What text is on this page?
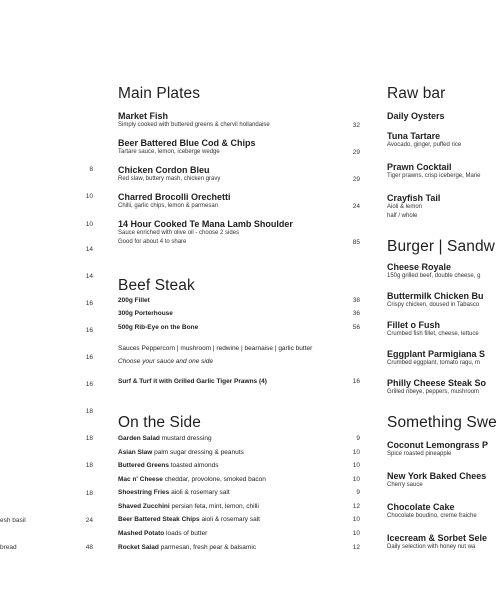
8
10
10
14
14
16
16
16
16
18
18
18
18
esh basil	24
bread	48
Main Plates
Market Fish
Simply cooked with buttered greens & chervil hollandaise	32
Beer Battered Blue Cod & Chips
Tartare sauce, lemon, iceberge wedge	29
Chicken Cordon Bleu
Red slaw, buttery mash, chicken gravy	29
Charred Brocolli Orechetti
Chilli, garlic chips, lemon & parmesan	24
14 Hour Cooked Te Mana Lamb Shoulder
Sauce enriched with olive oil - choose 2 sides
Good for about 4 to share	85
Beef Steak
200g Fillet	38
300g Porterhouse	36
500g Rib-Eye on the Bone	56
Sauces Peppercorn | mushroom | redwine | bearnaise | garlic butter
Choose your sauce and one side
Surf & Turf it with Grilled Garlic Tiger Prawns (4)	16
On the Side
Garden Salad mustard dressing	9
Asian Slaw palm sugar dressing & peanuts	10
Buttered Greens toasted almonds	10
Mac n' Cheese cheddar, provolone, smoked bacon	10
Shoestring Fries aioli & rosemary salt	9
Shaved Zucchini persian feta, mint, lemon, chilli	12
Beer Battered Steak Chips aioli & rosemary salt	10
Mashed Potato loads of butter	10
Rocket Salad parmesan, fresh pear & balsamic	12
Raw bar
Daily Oysters
Tuna Tartare
Avocado, ginger, puffed rice
Prawn Cocktail
Tiger prawns, crisp iceberge, Marie
Crayfish Tail
Aioli & lemon
half / whole
Burger | Sandw
Cheese Royale
150g grilled beef, double cheese, g
Buttermilk Chicken Bu
Crispy chicken, doused in Tabasco
Fillet o Fush
Crumbed fish fillet, cheese, lettuce
Eggplant Parmigiana S
Crumbed eggplant, tomato ragu, m
Philly Cheese Steak So
Grilled ribeye, peppers, mushroom
Something Swe
Coconut Lemongrass P
Spice roasted pineapple
New York Baked Chees
Cherry sauce
Chocolate Cake
Chocolate boudino, creme fraiche
Icecream & Sorbet Sele
Daily selection with honey nut wa
